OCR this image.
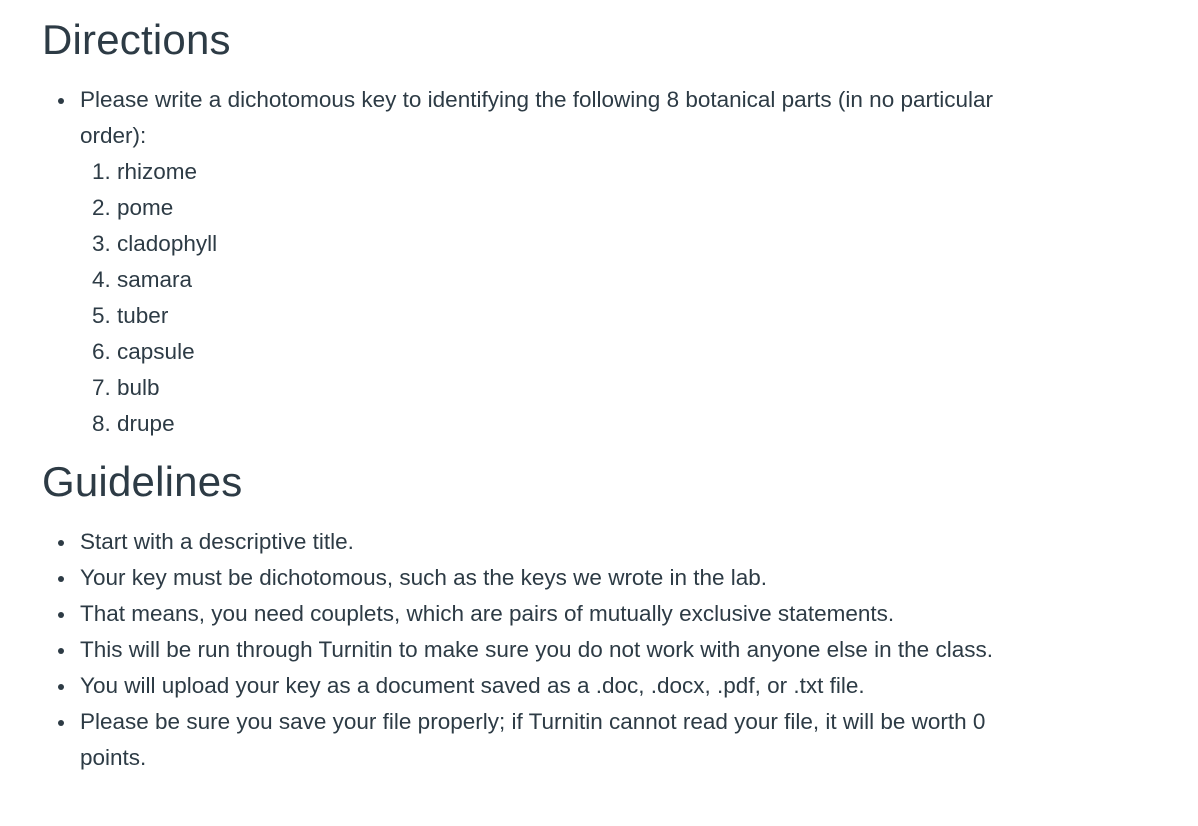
Directions
Please write a dichotomous key to identifying the following 8 botanical parts (in no particular order):
1. rhizome
2. pome
3. cladophyll
4. samara
5. tuber
6. capsule
7. bulb
8. drupe
Guidelines
Start with a descriptive title.
Your key must be dichotomous, such as the keys we wrote in the lab.
That means, you need couplets, which are pairs of mutually exclusive statements.
This will be run through Turnitin to make sure you do not work with anyone else in the class.
You will upload your key as a document saved as a .doc, .docx, .pdf, or .txt file.
Please be sure you save your file properly; if Turnitin cannot read your file, it will be worth 0 points.
